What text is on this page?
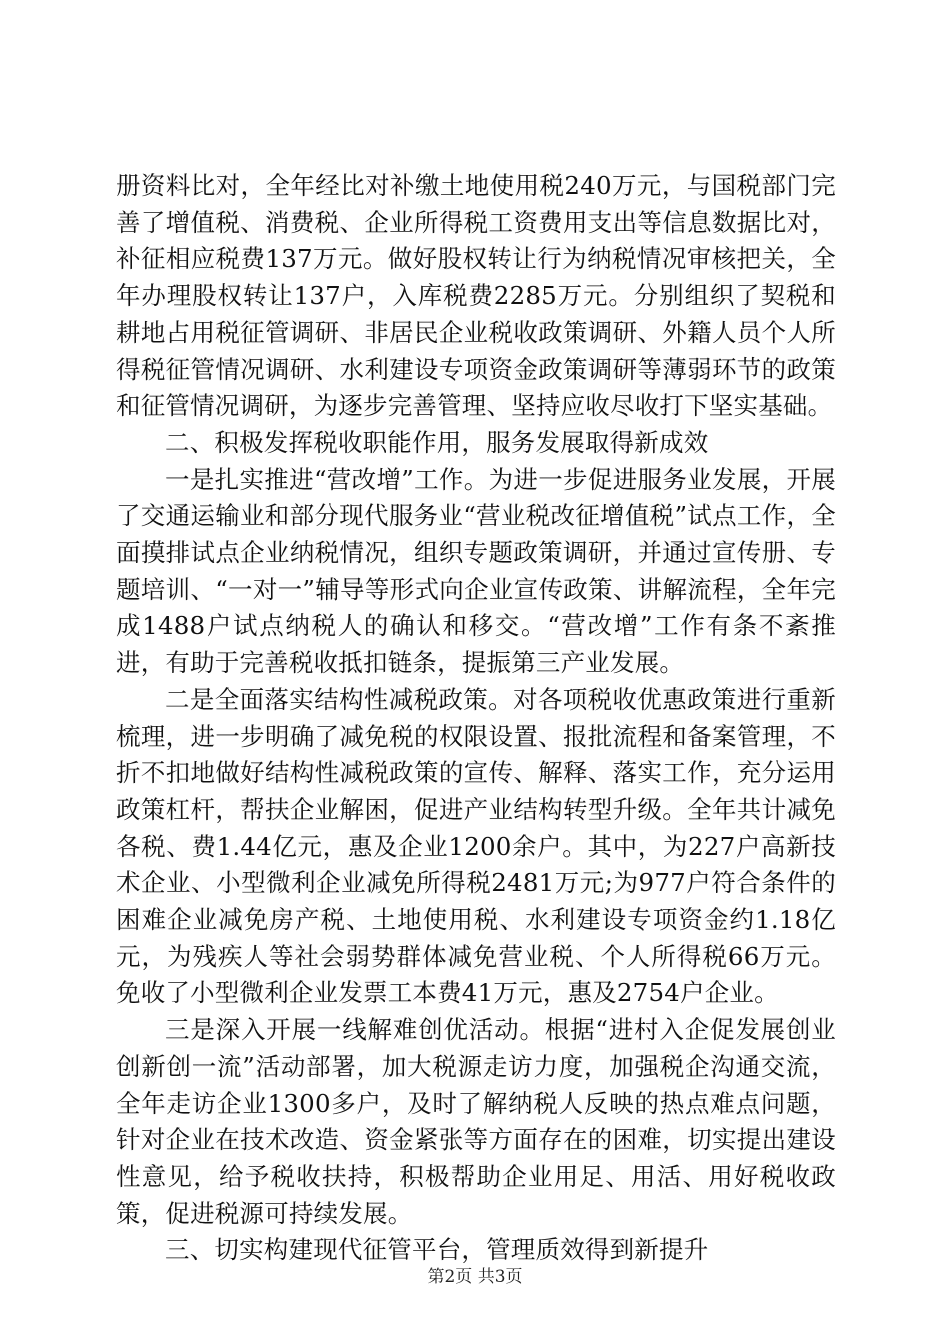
册资料比对，全年经比对补缴土地使用税240万元，与国税部门完善了增值税、消费税、企业所得税工资费用支出等信息数据比对，补征相应税费137万元。做好股权转让行为纳税情况审核把关，全年办理股权转让137户，入库税费2285万元。分别组织了契税和耕地占用税征管调研、非居民企业税收政策调研、外籍人员个人所得税征管情况调研、水利建设专项资金政策调研等薄弱环节的政策和征管情况调研，为逐步完善管理、坚持应收尽收打下坚实基础。

二、积极发挥税收职能作用，服务发展取得新成效

一是扎实推进“营改增”工作。为进一步促进服务业发展，开展了交通运输业和部分现代服务业“营业税改征增值税”试点工作，全面摸排试点企业纳税情况，组织专题政策调研，并通过宣传册、专题培训、“一对一”辅导等形式向企业宣传政策、讲解流程，全年完成1488户试点纳税人的确认和移交。“营改增”工作有条不紊推进，有助于完善税收抵扣链条，提振第三产业发展。

二是全面落实结构性减税政策。对各项税收优惠政策进行重新梳理，进一步明确了减免税的权限设置、报批流程和备案管理，不折不扣地做好结构性减税政策的宣传、解释、落实工作，充分运用政策杠杆，帮扶企业解困，促进产业结构转型升级。全年共计减免各税、费1.44亿元，惠及企业1200余户。其中，为227户高新技术企业、小型微利企业减免所得税2481万元;为977户符合条件的困难企业减免房产税、土地使用税、水利建设专项资金约1.18亿元，为残疾人等社会弱势群体减免营业税、个人所得税66万元。免收了小型微利企业发票工本费41万元，惠及2754户企业。

三是深入开展一线解难创优活动。根据“进村入企促发展创业创新创一流”活动部署，加大税源走访力度，加强税企沟通交流，全年走访企业1300多户，及时了解纳税人反映的热点难点问题，针对企业在技术改造、资金紧张等方面存在的困难，切实提出建设性意见，给予税收扶持，积极帮助企业用足、用活、用好税收政策，促进税源可持续发展。

三、切实构建现代征管平台，管理质效得到新提升

第2页 共3页
